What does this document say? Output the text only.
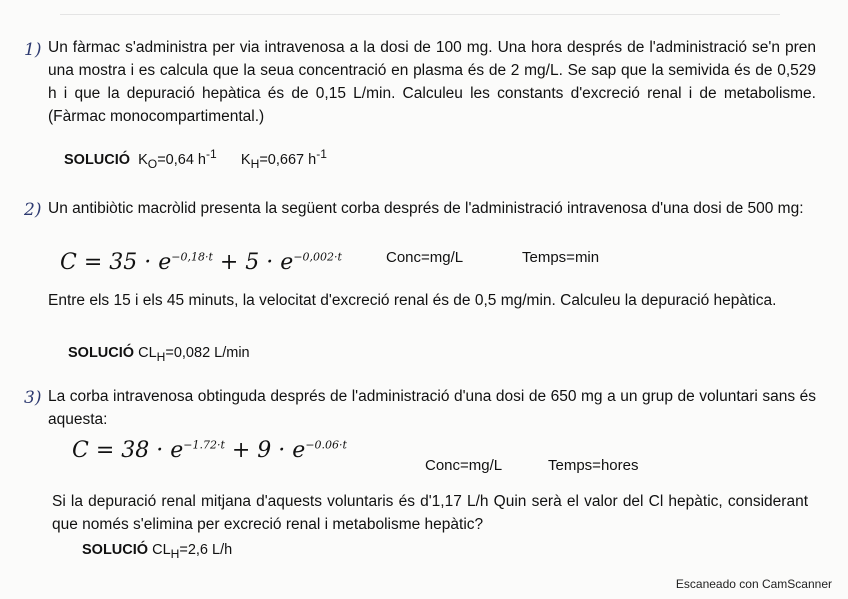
1) Un fàrmac s'administra per via intravenosa a la dosi de 100 mg. Una hora després de l'administració se'n pren una mostra i es calcula que la seua concentració en plasma és de 2 mg/L. Se sap que la semivida és de 0,529 h i que la depuració hepàtica és de 0,15 L/min. Calculeu les constants d'excreció renal i de metabolisme. (Fàrmac monocompartimental.)
SOLUCIÓ $K_O=0,64$ $h^{-1}$ $K_H=0,667$ $h^{-1}$
2) Un antibiòtic macròlid presenta la següent corba després de l'administració intravenosa d'una dosi de 500 mg:
$C = 35 \cdot e^{-0,18\cdot t} + 5 \cdot e^{-0,002\cdot t}$	Conc=mg/L	Temps=min
Entre els 15 i els 45 minuts, la velocitat d'excreció renal és de 0,5 mg/min. Calculeu la depuració hepàtica.
SOLUCIÓ $CL_H=0,082$ L/min
3) La corba intravenosa obtinguda després de l'administració d'una dosi de 650 mg a un grup de voluntari sans és aquesta:
$C = 38 \cdot e^{-1.72\cdot t} + 9 \cdot e^{-0.06\cdot t}$
Conc=mg/L	Temps=hores
Si la depuració renal mitjana d'aquests voluntaris és d'1,17 L/h Quin serà el valor del Cl hepàtic, considerant que només s'elimina per excreció renal i metabolisme hepàtic?
SOLUCIÓ $CL_H=2,6$ L/h
Escaneado con CamScanner
